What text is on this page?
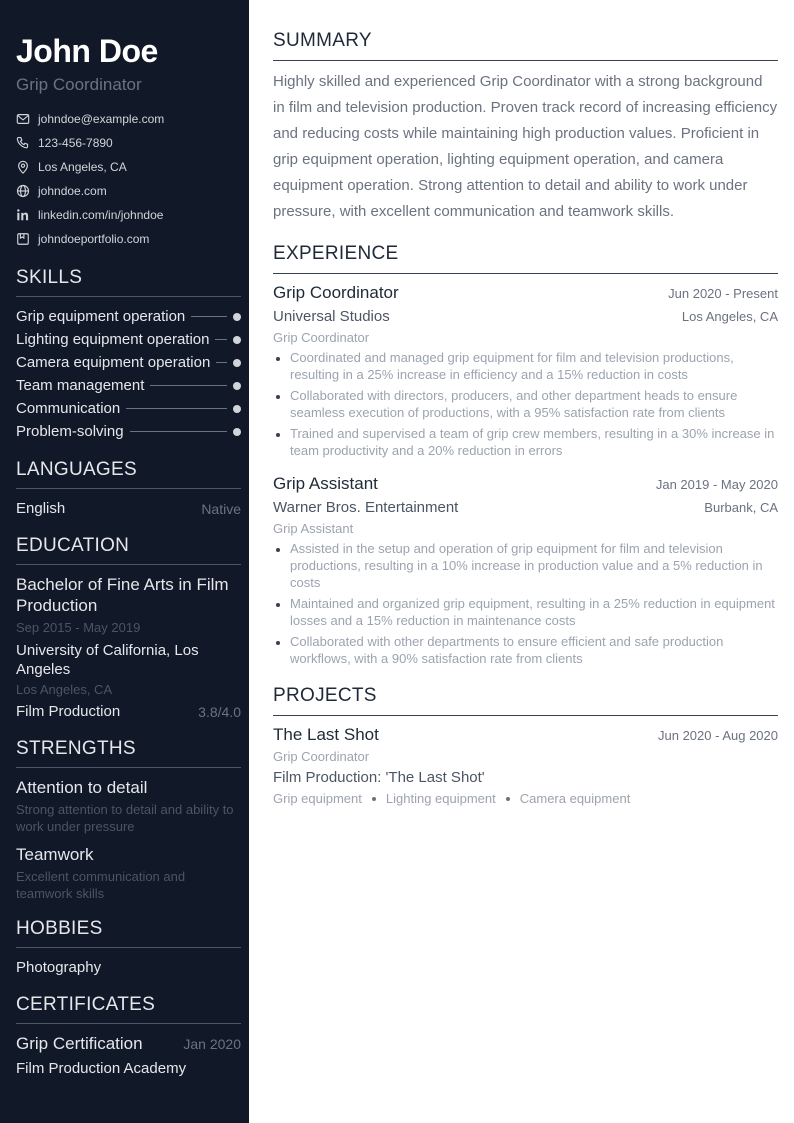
John Doe
Grip Coordinator
johndoe@example.com
123-456-7890
Los Angeles, CA
johndoe.com
linkedin.com/in/johndoe
johndoeportfolio.com
SKILLS
Grip equipment operation
Lighting equipment operation
Camera equipment operation
Team management
Communication
Problem-solving
LANGUAGES
English	Native
EDUCATION
Bachelor of Fine Arts in Film Production
Sep 2015 - May 2019
University of California, Los Angeles
Los Angeles, CA
Film Production	3.8/4.0
STRENGTHS
Attention to detail
Strong attention to detail and ability to work under pressure
Teamwork
Excellent communication and teamwork skills
HOBBIES
Photography
CERTIFICATES
Grip Certification	Jan 2020
Film Production Academy
SUMMARY

Highly skilled and experienced Grip Coordinator with a strong background in film and television production. Proven track record of increasing efficiency and reducing costs while maintaining high production values. Proficient in grip equipment operation, lighting equipment operation, and camera equipment operation. Strong attention to detail and ability to work under pressure, with excellent communication and teamwork skills.

EXPERIENCE
Grip Coordinator	Jun 2020 - Present
Universal Studios	Los Angeles, CA
Grip Coordinator
Coordinated and managed grip equipment for film and television productions, resulting in a 25% increase in efficiency and a 15% reduction in costs
Collaborated with directors, producers, and other department heads to ensure seamless execution of productions, with a 95% satisfaction rate from clients
Trained and supervised a team of grip crew members, resulting in a 30% increase in team productivity and a 20% reduction in errors
Grip Assistant	Jan 2019 - May 2020
Warner Bros. Entertainment	Burbank, CA
Grip Assistant
Assisted in the setup and operation of grip equipment for film and television productions, resulting in a 10% increase in production value and a 5% reduction in costs
Maintained and organized grip equipment, resulting in a 25% reduction in equipment losses and a 15% reduction in maintenance costs
Collaborated with other departments to ensure efficient and safe production workflows, with a 90% satisfaction rate from clients
PROJECTS
The Last Shot	Jun 2020 - Aug 2020
Grip Coordinator
Film Production: 'The Last Shot'
Grip equipment Lighting equipment Camera equipment
